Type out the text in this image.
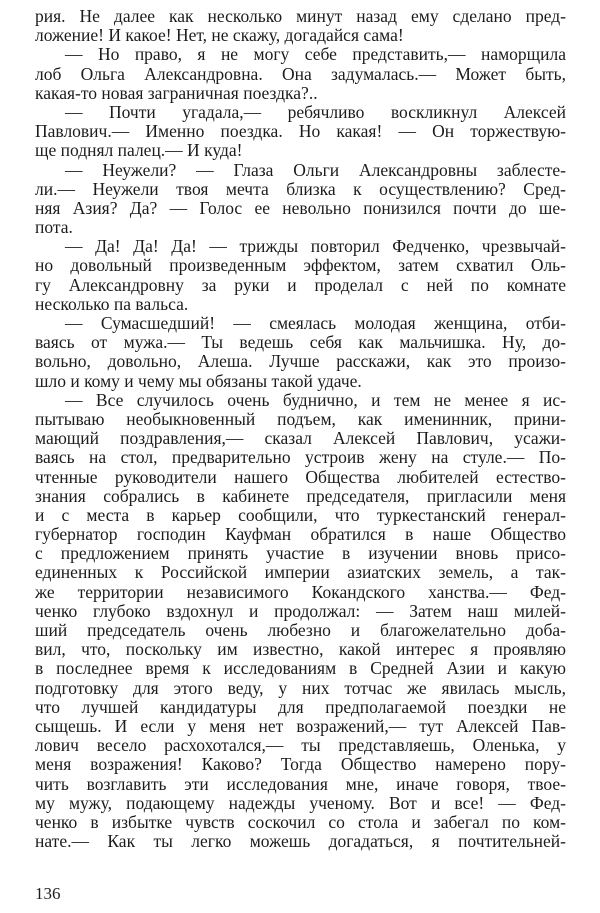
рия. Не далее как несколько минут назад ему сделано пред-
ложение! И какое! Нет, не скажу, догадайся сама!
— Но право, я не могу себе представить,— наморщила
лоб Ольга Александровна. Она задумалась.— Может быть,
какая-то новая заграничная поездка?..
— Почти угадала,— ребячливо воскликнул Алексей
Павлович.— Именно поездка. Но какая! — Он торжествую-
ще поднял палец.— И куда!
— Неужели? — Глаза Ольги Александровны заблесте-
ли.— Неужели твоя мечта близка к осуществлению? Сред-
няя Азия? Да? — Голос ее невольно понизился почти до ше-
пота.
— Да! Да! Да! — трижды повторил Федченко, чрезвычай-
но довольный произведенным эффектом, затем схватил Оль-
гу Александровну за руки и проделал с ней по комнате
несколько па вальса.
— Сумасшедший! — смеялась молодая женщина, отби-
ваясь от мужа.— Ты ведешь себя как мальчишка. Ну, до-
вольно, довольно, Алеша. Лучше расскажи, как это произо-
шло и кому и чему мы обязаны такой удаче.
— Все случилось очень буднично, и тем не менее я ис-
пытываю необыкновенный подъем, как именинник, прини-
мающий поздравления,— сказал Алексей Павлович, усажи-
ваясь на стол, предварительно устроив жену на стуле.— По-
чтенные руководители нашего Общества любителей естество-
знания собрались в кабинете председателя, пригласили меня
и с места в карьер сообщили, что туркестанский генерал-
губернатор господин Кауфман обратился в наше Общество
с предложением принять участие в изучении вновь присо-
единенных к Российской империи азиатских земель, а так-
же территории независимого Кокандского ханства.— Фед-
ченко глубоко вздохнул и продолжал: — Затем наш милей-
ший председатель очень любезно и благожелательно доба-
вил, что, поскольку им известно, какой интерес я проявляю
в последнее время к исследованиям в Средней Азии и какую
подготовку для этого веду, у них тотчас же явилась мысль,
что лучшей кандидатуры для предполагаемой поездки не
сыщешь. И если у меня нет возражений,— тут Алексей Пав-
лович весело расхохотался,— ты представляешь, Оленька, у
меня возражения! Каково? Тогда Общество намерено пору-
чить возглавить эти исследования мне, иначе говоря, твое-
му мужу, подающему надежды ученому. Вот и все! — Фед-
ченко в избытке чувств соскочил со стола и забегал по ком-
нате.— Как ты легко можешь догадаться, я почтительней-
136
